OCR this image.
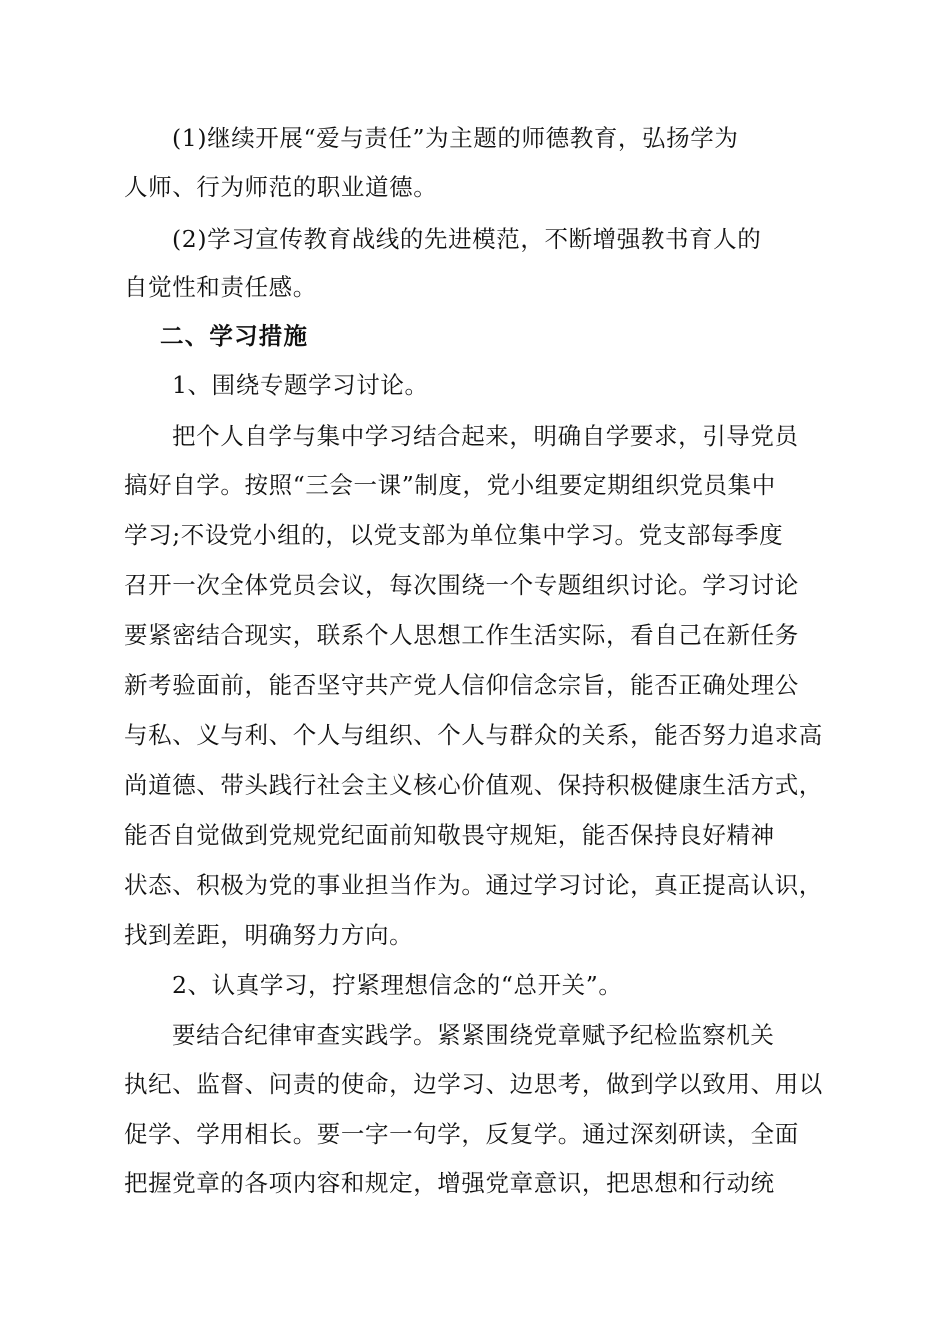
(1)继续开展“爱与责任”为主题的师德教育，弘扬学为
人师、行为师范的职业道德。
(2)学习宣传教育战线的先进模范，不断增强教书育人的
自觉性和责任感。
二、学习措施
1、围绕专题学习讨论。
把个人自学与集中学习结合起来，明确自学要求，引导党员
搞好自学。按照“三会一课”制度，党小组要定期组织党员集中
学习;不设党小组的，以党支部为单位集中学习。党支部每季度
召开一次全体党员会议，每次围绕一个专题组织讨论。学习讨论
要紧密结合现实，联系个人思想工作生活实际，看自己在新任务
新考验面前，能否坚守共产党人信仰信念宗旨，能否正确处理公
与私、义与利、个人与组织、个人与群众的关系，能否努力追求高
尚道德、带头践行社会主义核心价值观、保持积极健康生活方式，
能否自觉做到党规党纪面前知敬畏守规矩，能否保持良好精神
状态、积极为党的事业担当作为。通过学习讨论，真正提高认识，
找到差距，明确努力方向。
2、认真学习，拧紧理想信念的“总开关”。
要结合纪律审查实践学。紧紧围绕党章赋予纪检监察机关
执纪、监督、问责的使命，边学习、边思考，做到学以致用、用以
促学、学用相长。要一字一句学，反复学。通过深刻研读，全面
把握党章的各项内容和规定，增强党章意识，把思想和行动统
